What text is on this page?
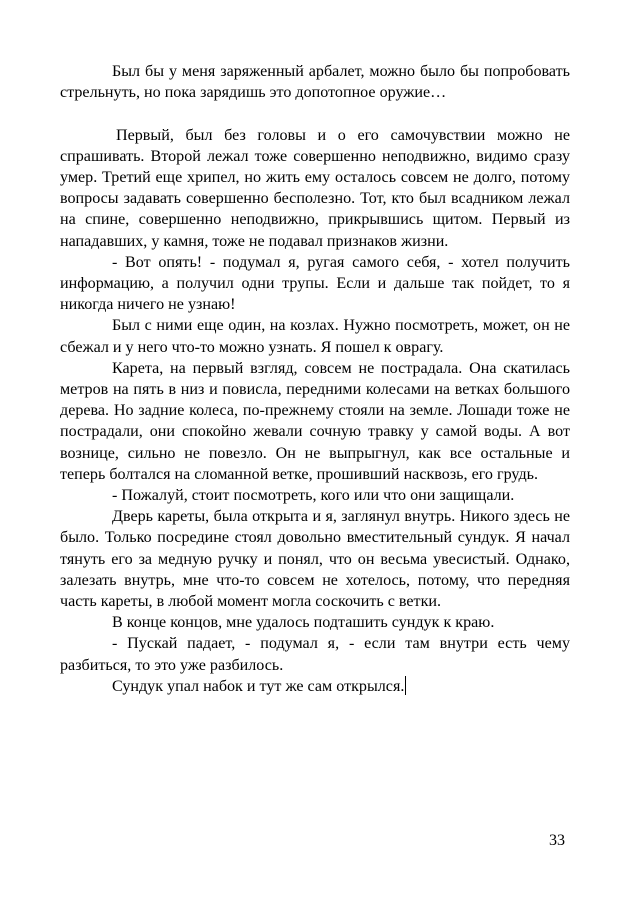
Был бы у меня заряженный арбалет, можно было бы попробовать стрельнуть, но пока зарядишь это допотопное оружие…

Первый, был без головы и о его самочувствии можно не спрашивать. Второй лежал тоже совершенно неподвижно, видимо сразу умер. Третий еще хрипел, но жить ему осталось совсем не долго, потому вопросы задавать совершенно бесполезно. Тот, кто был всадником лежал на спине, совершенно неподвижно, прикрывшись щитом. Первый из нападавших, у камня, тоже не подавал признаков жизни.

- Вот опять! - подумал я, ругая самого себя, - хотел получить информацию, а получил одни трупы. Если и дальше так пойдет, то я никогда ничего не узнаю!

Был с ними еще один, на козлах. Нужно посмотреть, может, он не сбежал и у него что-то можно узнать. Я пошел к оврагу.

Карета, на первый взгляд, совсем не пострадала. Она скатилась метров на пять в низ и повисла, передними колесами на ветках большого дерева. Но задние колеса, по-прежнему стояли на земле. Лошади тоже не пострадали, они спокойно жевали сочную травку у самой воды. А вот вознице, сильно не повезло. Он не выпрыгнул, как все остальные и теперь болтался на сломанной ветке, прошивший насквозь, его грудь.

- Пожалуй, стоит посмотреть, кого или что они защищали.

Дверь кареты, была открыта и я, заглянул внутрь. Никого здесь не было. Только посредине стоял довольно вместительный сундук. Я начал тянуть его за медную ручку и понял, что он весьма увесистый. Однако, залезать внутрь, мне что-то совсем не хотелось, потому, что передняя часть кареты, в любой момент могла соскочить с ветки.

В конце концов, мне удалось подташить сундук к краю.

- Пускай падает, - подумал я, - если там внутри есть чему разбиться, то это уже разбилось.

Сундук упал набок и тут же сам открылся.

33
